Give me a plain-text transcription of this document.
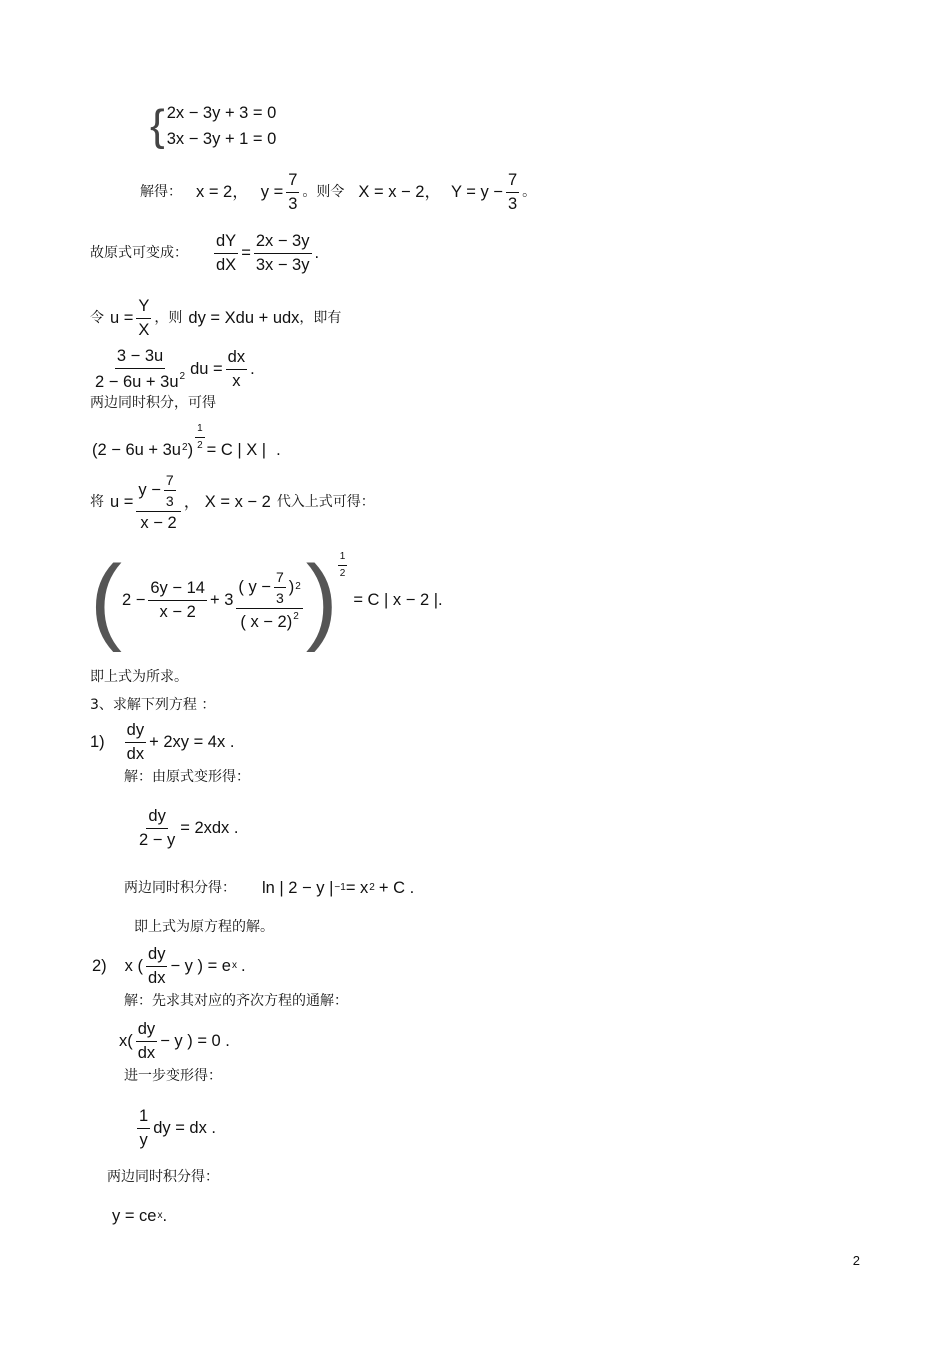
{ 2x − 3y + 3 = 0
3x − 3y + 1 = 0
解得： x = 2， $y = \frac{7}{3}$ 。则令 X = x − 2， $Y = y - \frac{7}{3}$ 。
故原式可变成： $\frac{dY}{dX} = \frac{2x - 3y}{3x - 3y}$ .
令 $u = \frac{Y}{X}$ ，则 dy = Xdu + udx ，即有
$\frac{3 - 3u}{2 - 6u + 3u^2}$ du = $\frac{dx}{x}$ .
两边同时积分，可得
(2 − 6u + 3u 2 ) $\frac{1}{2} = C$ | X | .
将 $u = \frac{y - \frac{7}{3}}{x - 2}$ ， X = x − 2 代入上式可得：
( $2 - \frac{6y - 14}{x - 2} + 3 \frac{( y - \frac{7}{3} ) 2}{( x - 2)^2}$ ) $\frac{1}{2}$
= C | x − 2 |.
即上式为所求。
3、求解下列方程 ：
$1) \frac{dy}{dx} + 2xy = 4x$ .
解：由原式变形得：
$\frac{dy}{2 - y} = 2xdx$ .
两边同时积分得： ln | 2 − y | −1 = x 2 + C .
即上式为原方程的解。
2) x ( $\frac{dy}{dx} - y$ ) = e x .
解：先求其对应的齐次方程的通解：
$x( \frac{dy}{dx} - y$ ) = 0 .
进一步变形得：
$\frac{1}{y}$ dy = dx .
两边同时积分得：
y = ce x .
2
